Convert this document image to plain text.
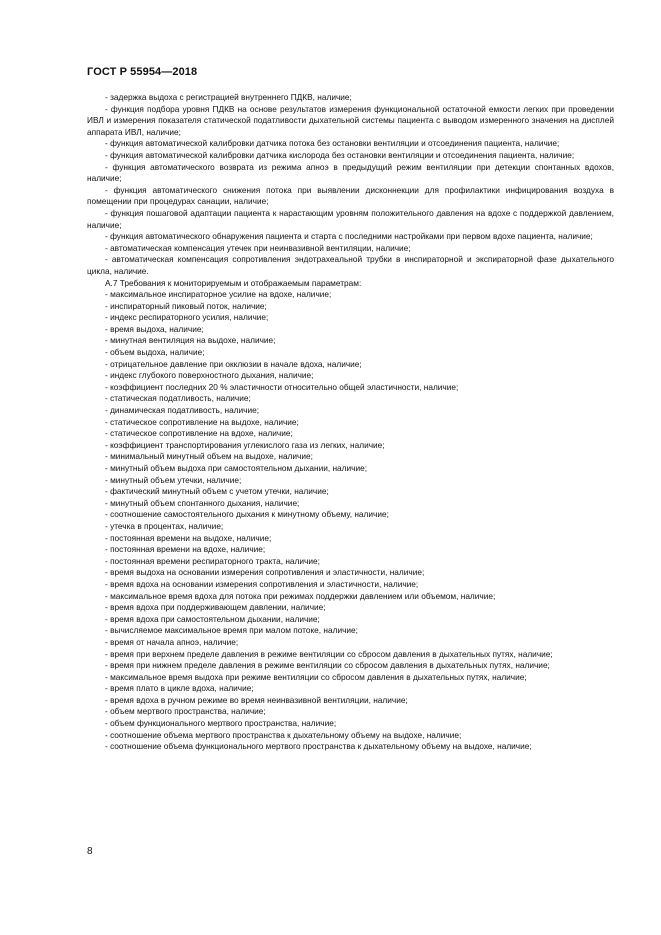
ГОСТ Р 55954—2018

- задержка выдоха с регистрацией внутреннего ПДКВ, наличие;

- функция подбора уровня ПДКВ на основе результатов измерения функциональной остаточной емкости легких при проведении ИВЛ и измерения показателя статической податливости дыхательной системы пациента с выводом измеренного значения на дисплей аппарата ИВЛ, наличие;

- функция автоматической калибровки датчика потока без остановки вентиляции и отсоединения пациента, наличие;

- функция автоматической калибровки датчика кислорода без остановки вентиляции и отсоединения пациента, наличие;

- функция автоматического возврата из режима апноэ в предыдущий режим вентиляции при детекции спонтанных вдохов, наличие;

- функция автоматического снижения потока при выявлении дисконнекции для профилактики инфицирования воздуха в помещении при процедурах санации, наличие;

- функция пошаговой адаптации пациента к нарастающим уровням положительного давления на вдохе с поддержкой давлением, наличие;

- функция автоматического обнаружения пациента и старта с последними настройками при первом вдохе пациента, наличие;

- автоматическая компенсация утечек при неинвазивной вентиляции, наличие;

- автоматическая компенсация сопротивления эндотрахеальной трубки в инспираторной и экспираторной фазе дыхательного цикла, наличие.

А.7 Требования к мониторируемым и отображаемым параметрам:

- максимальное инспираторное усилие на вдохе, наличие;

- инспираторный пиковый поток, наличие;

- индекс респираторного усилия, наличие;

- время выдоха, наличие;

- минутная вентиляция на выдохе, наличие;

- объем выдоха, наличие;

- отрицательное давление при окклюзии в начале вдоха, наличие;

- индекс глубокого поверхностного дыхания, наличие;

- коэффициент последних 20 % эластичности относительно общей эластичности, наличие;

- статическая податливость, наличие;

- динамическая податливость, наличие;

- статическое сопротивление на выдохе, наличие;

- статическое сопротивление на вдохе, наличие;

- коэффициент транспортирования углекислого газа из легких, наличие;

- минимальный минутный объем на выдохе, наличие;

- минутный объем выдоха при самостоятельном дыхании, наличие;

- минутный объем утечки, наличие;

- фактический минутный объем с учетом утечки, наличие;

- минутный объем спонтанного дыхания, наличие;

- соотношение самостоятельного дыхания к минутному объему, наличие;

- утечка в процентах, наличие;

- постоянная времени на выдохе, наличие;

- постоянная времени на вдохе, наличие;

- постоянная времени респираторного тракта, наличие;

- время выдоха на основании измерения сопротивления и эластичности, наличие;

- время вдоха на основании измерения сопротивления и эластичности, наличие;

- максимальное время вдоха для потока при режимах поддержки давлением или объемом, наличие;

- время вдоха при поддерживающем давлении, наличие;

- время вдоха при самостоятельном дыхании, наличие;

- вычисляемое максимальное время при малом потоке, наличие;

- время от начала апноэ, наличие;

- время при верхнем пределе давления в режиме вентиляции со сбросом давления в дыхательных путях, наличие;

- время при нижнем пределе давления в режиме вентиляции со сбросом давления в дыхательных путях, наличие;

- максимальное время выдоха при режиме вентиляции со сбросом давления в дыхательных путях, наличие;

- время плато в цикле вдоха, наличие;

- время вдоха в ручном режиме во время неинвазивной вентиляции, наличие;

- объем мертвого пространства, наличие;

- объем функционального мертвого пространства, наличие;

- соотношение объема мертвого пространства к дыхательному объему на выдохе, наличие;

- соотношение объема функционального мертвого пространства к дыхательному объему на выдохе, наличие;

8
